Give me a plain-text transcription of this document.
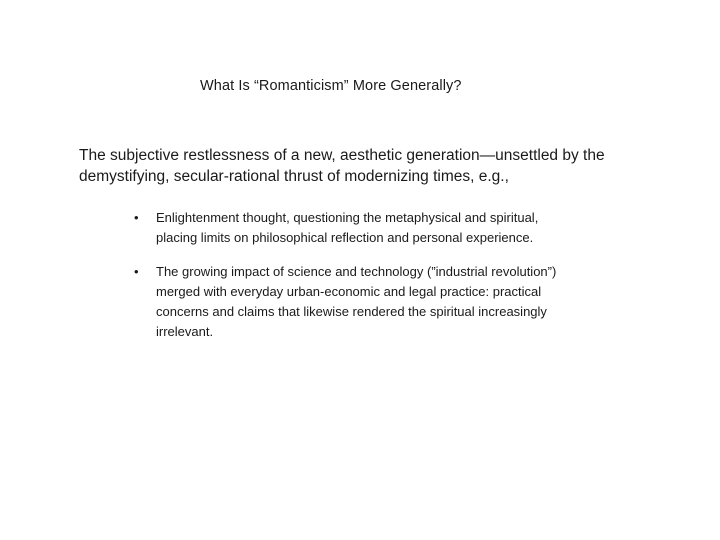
What Is “Romanticism” More Generally?
The subjective restlessness of a new, aesthetic generation—unsettled by the
demystifying, secular-rational thrust of modernizing times, e.g.,
• Enlightenment thought, questioning the metaphysical and spiritual,
placing limits on philosophical reflection and personal experience.
• The growing impact of science and technology (”industrial revolution”)
merged with everyday urban-economic and legal practice: practical
concerns and claims that likewise rendered the spiritual increasingly
irrelevant.
